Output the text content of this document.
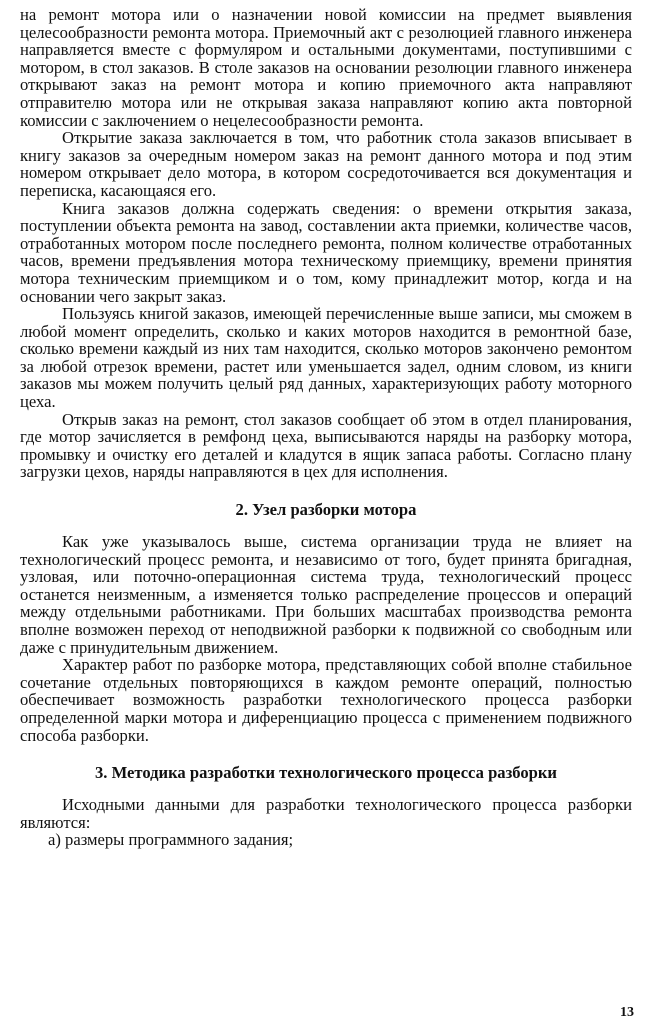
на ремонт мотора или о назначении новой комиссии на предмет выявления целесообразности ремонта мотора. Приемочный акт с резолюцией главного инженера направляется вместе с формуляром и остальными документами, поступившими с мотором, в стол заказов. В столе заказов на основании резолюции главного инженера открывают заказ на ремонт мотора и копию приемочного акта направляют отправителю мотора или не открывая заказа направляют копию акта повторной комиссии с заключением о нецелесообразности ремонта.

Открытие заказа заключается в том, что работник стола заказов вписывает в книгу заказов за очередным номером заказ на ремонт данного мотора и под этим номером открывает дело мотора, в котором сосредоточивается вся документация и переписка, касающаяся его.

Книга заказов должна содержать сведения: о времени открытия заказа, поступлении объекта ремонта на завод, составлении акта приемки, количестве часов, отработанных мотором после последнего ремонта, полном количестве отработанных часов, времени предъявления мотора техническому приемщику, времени принятия мотора техническим приемщиком и о том, кому принадлежит мотор, когда и на основании чего закрыт заказ.

Пользуясь книгой заказов, имеющей перечисленные выше записи, мы сможем в любой момент определить, сколько и каких моторов находится в ремонтной базе, сколько времени каждый из них там находится, сколько моторов закончено ремонтом за любой отрезок времени, растет или уменьшается задел, одним словом, из книги заказов мы можем получить целый ряд данных, характеризующих работу моторного цеха.

Открыв заказ на ремонт, стол заказов сообщает об этом в отдел планирования, где мотор зачисляется в ремфонд цеха, выписываются наряды на разборку мотора, промывку и очистку его деталей и кладутся в ящик запаса работы. Согласно плану загрузки цехов, наряды направляются в цех для исполнения.

2. Узел разборки мотора

Как уже указывалось выше, система организации труда не влияет на технологический процесс ремонта, и независимо от того, будет принята бригадная, узловая, или поточно-операционная система труда, технологический процесс останется неизменным, а изменяется только распределение процессов и операций между отдельными работниками. При больших масштабах производства ремонта вполне возможен переход от неподвижной разборки к подвижной со свободным или даже с принудительным движением.

Характер работ по разборке мотора, представляющих собой вполне стабильное сочетание отдельных повторяющихся в каждом ремонте операций, полностью обеспечивает возможность разработки технологического процесса разборки определенной марки мотора и диференциацию процесса с применением подвижного способа разборки.

3. Методика разработки технологического процесса разборки

Исходными данными для разработки технологического процесса разборки являются:

а) размеры программного задания;

13
